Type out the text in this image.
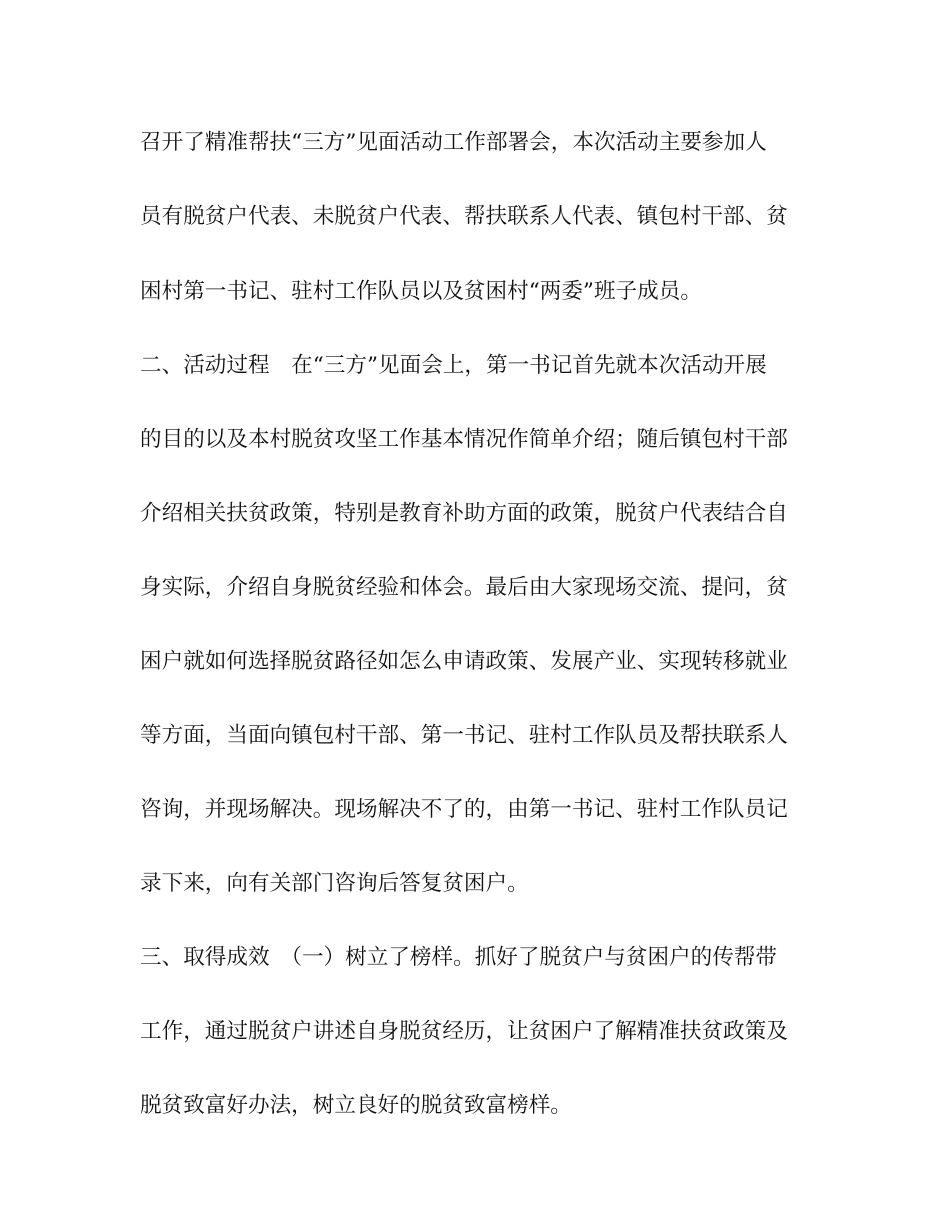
召开了精准帮扶“三方”见面活动工作部署会，本次活动主要参加人
员有脱贫户代表、未脱贫户代表、帮扶联系人代表、镇包村干部、贫
困村第一书记、驻村工作队员以及贫困村“两委”班子成员。
二、活动过程　在“三方”见面会上，第一书记首先就本次活动开展
的目的以及本村脱贫攻坚工作基本情况作简单介绍；随后镇包村干部
介绍相关扶贫政策，特别是教育补助方面的政策，脱贫户代表结合自
身实际，介绍自身脱贫经验和体会。最后由大家现场交流、提问，贫
困户就如何选择脱贫路径如怎么申请政策、发展产业、实现转移就业
等方面，当面向镇包村干部、第一书记、驻村工作队员及帮扶联系人
咨询，并现场解决。现场解决不了的，由第一书记、驻村工作队员记
录下来，向有关部门咨询后答复贫困户。
三、取得成效　（一）树立了榜样。抓好了脱贫户与贫困户的传帮带
工作，通过脱贫户讲述自身脱贫经历，让贫困户了解精准扶贫政策及
脱贫致富好办法，树立良好的脱贫致富榜样。
